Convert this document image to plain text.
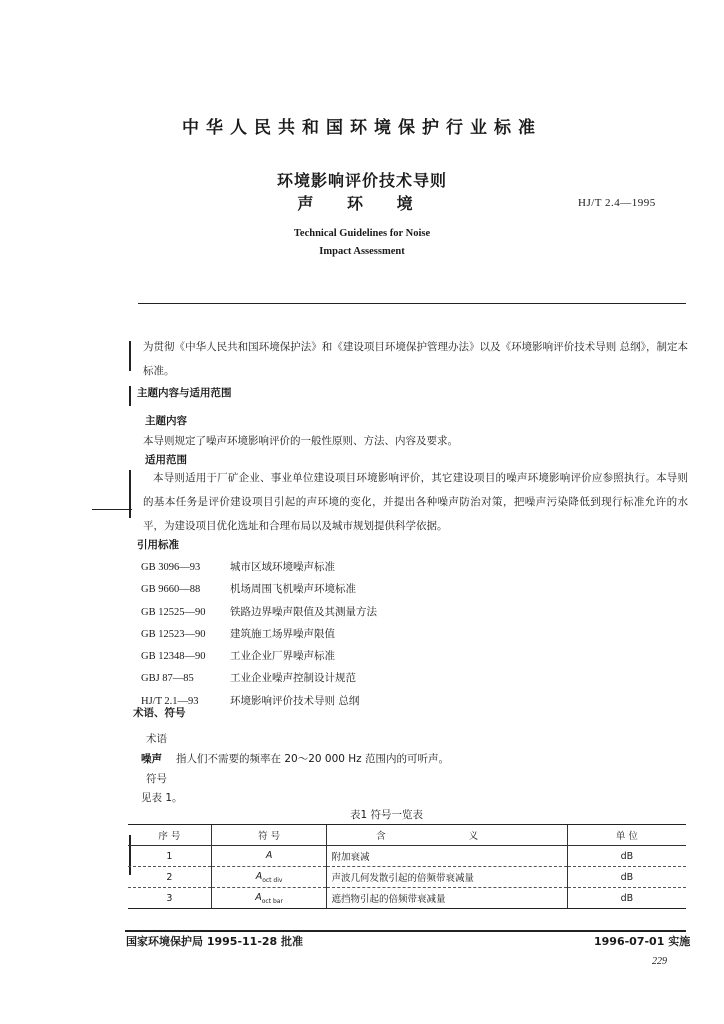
中华人民共和国环境保护行业标准
环境影响评价技术导则
声 环 境	HJ/T 2.4—1995
Technical Guidelines for Noise
Impact Assessment
为贯彻《中华人民共和国环境保护法》和《建设项目环境保护管理办法》以及《环境影响评价技术导则 总纲》，制定本标准。
主题内容与适用范围
主题内容
本导则规定了噪声环境影响评价的一般性原则、方法、内容及要求。
适用范围
本导则适用于厂矿企业、事业单位建设项目环境影响评价，其它建设项目的噪声环境影响评价应参照执行。本导则的基本任务是评价建设项目引起的声环境的变化，并提出各种噪声防治对策，把噪声污染降低到现行标准允许的水平，为建设项目优化选址和合理布局以及城市规划提供科学依据。
引用标准
GB 3096—93	城市区域环境噪声标准
GB 9660—88	机场周围飞机噪声环境标准
GB 12525—90 铁路边界噪声限值及其测量方法
GB 12523—90 建筑施工场界噪声限值
GB 12348—90 工业企业厂界噪声标准
GBJ 87—85	工业企业噪声控制设计规范
HJ/T 2.1—93	环境影响评价技术导则 总纲
术语、符号
术语
噪声 指人们不需要的频率在 20～20 000 Hz 范围内的可听声。
符号
见表 1。
表1 符号一览表
序 号	符 号	含 义	单 位
1	A	附加衰减	dB
2	$A_{oct div}$	声波几何发散引起的倍频带衰减量	dB
3	$A_{oct bar}$	遮挡物引起的倍频带衰减量	dB
国家环境保护局 1995-11-28 批准	1996-07-01 实施
229
